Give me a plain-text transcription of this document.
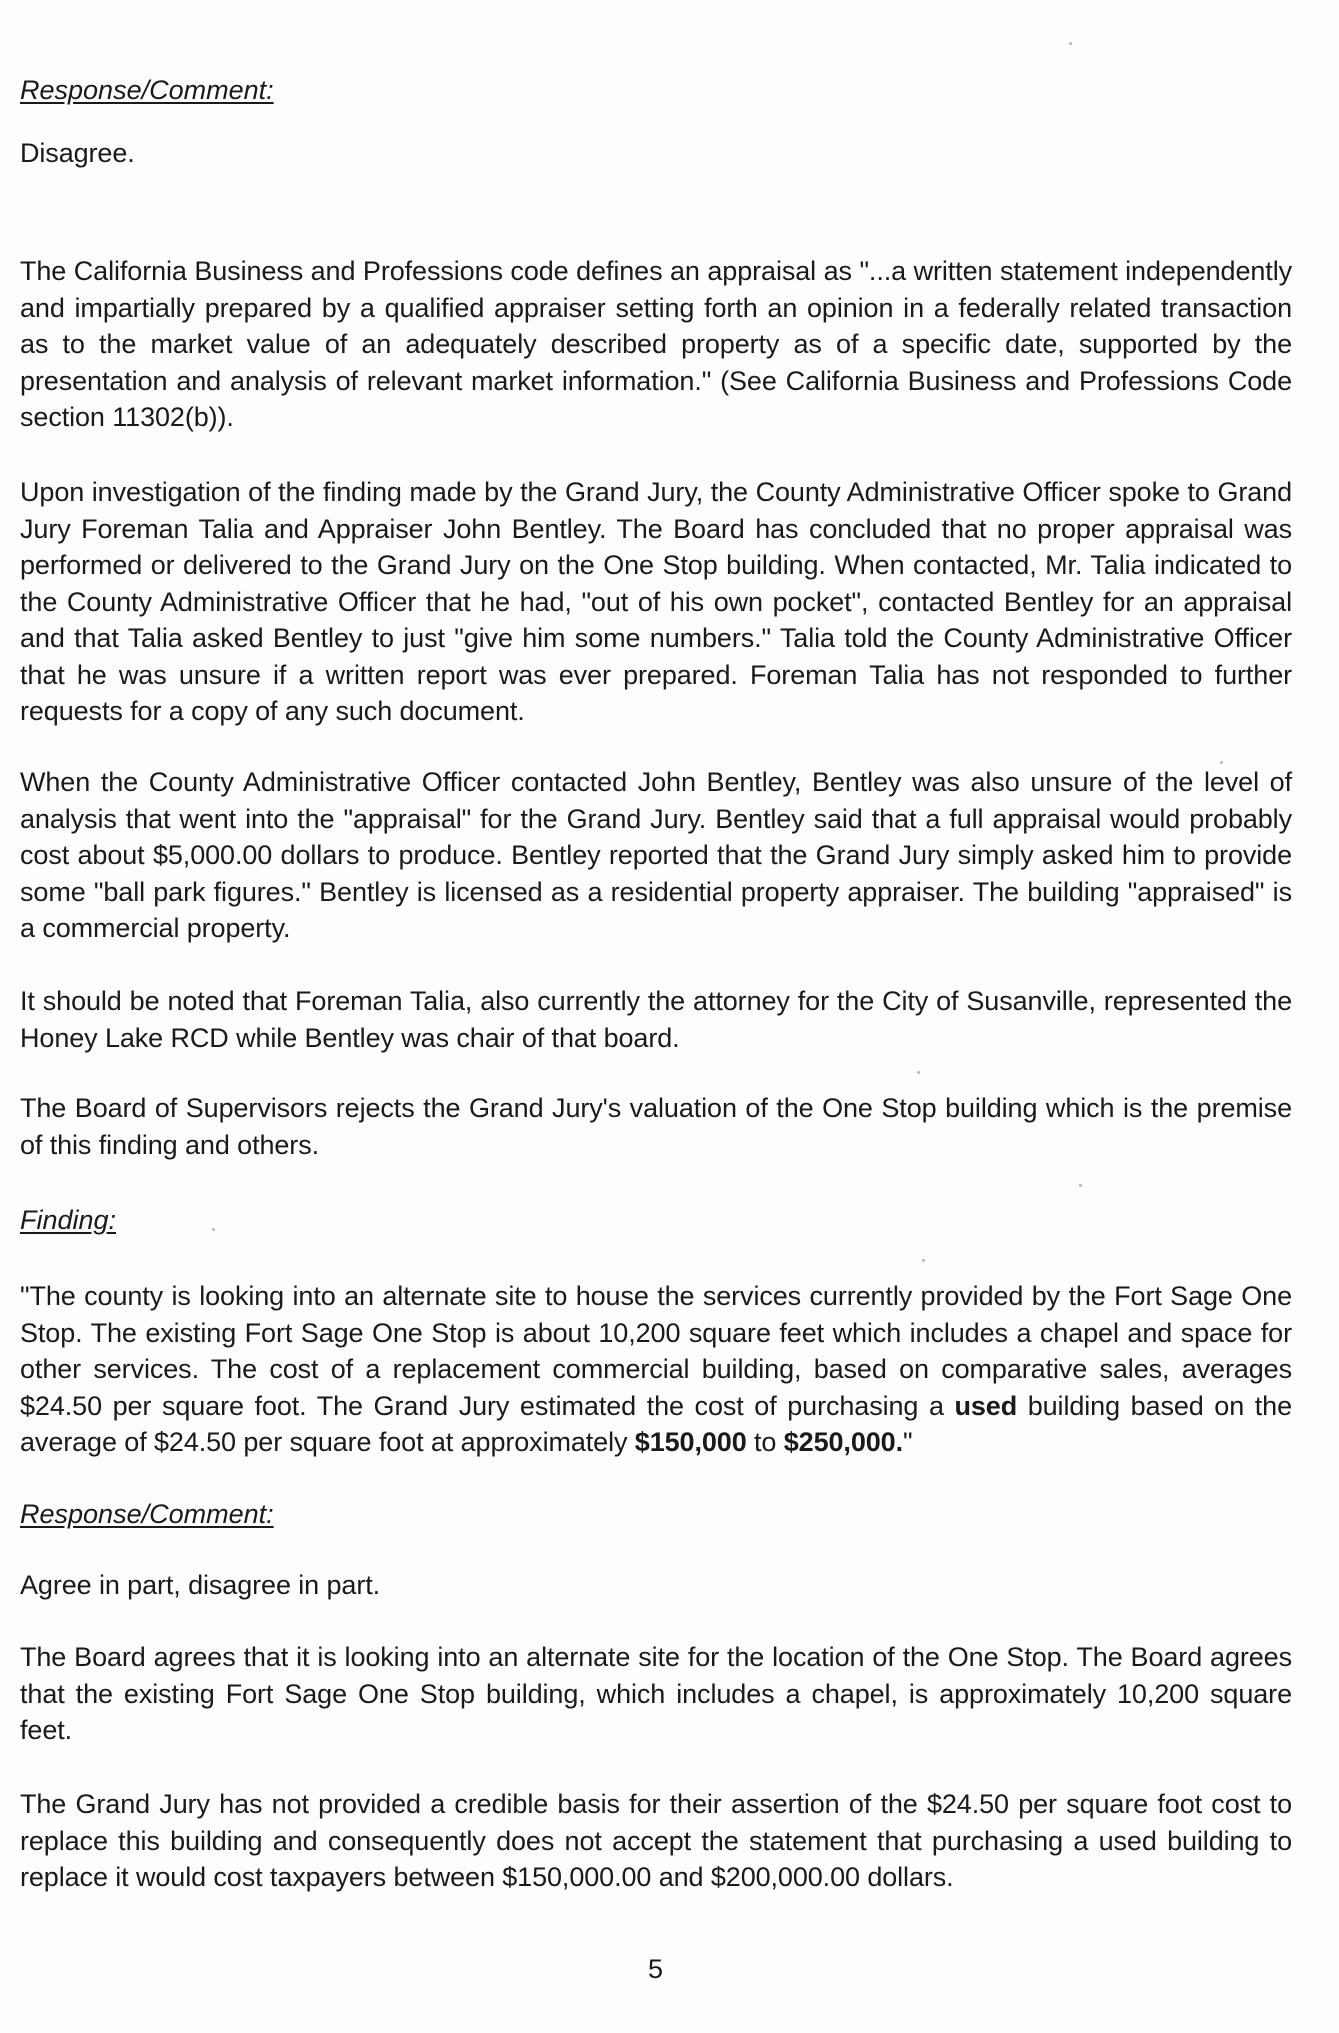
Response/Comment:

Disagree.

The California Business and Professions code defines an appraisal as "...a written statement independently and impartially prepared by a qualified appraiser setting forth an opinion in a federally related transaction as to the market value of an adequately described property as of a specific date, supported by the presentation and analysis of relevant market information." (See California Business and Professions Code section 11302(b)).

Upon investigation of the finding made by the Grand Jury, the County Administrative Officer spoke to Grand Jury Foreman Talia and Appraiser John Bentley. The Board has concluded that no proper appraisal was performed or delivered to the Grand Jury on the One Stop building. When contacted, Mr. Talia indicated to the County Administrative Officer that he had, "out of his own pocket", contacted Bentley for an appraisal and that Talia asked Bentley to just "give him some numbers." Talia told the County Administrative Officer that he was unsure if a written report was ever prepared. Foreman Talia has not responded to further requests for a copy of any such document.

When the County Administrative Officer contacted John Bentley, Bentley was also unsure of the level of analysis that went into the "appraisal" for the Grand Jury. Bentley said that a full appraisal would probably cost about $5,000.00 dollars to produce. Bentley reported that the Grand Jury simply asked him to provide some "ball park figures." Bentley is licensed as a residential property appraiser. The building "appraised" is a commercial property.

It should be noted that Foreman Talia, also currently the attorney for the City of Susanville, represented the Honey Lake RCD while Bentley was chair of that board.

The Board of Supervisors rejects the Grand Jury's valuation of the One Stop building which is the premise of this finding and others.

Finding:

"The county is looking into an alternate site to house the services currently provided by the Fort Sage One Stop. The existing Fort Sage One Stop is about 10,200 square feet which includes a chapel and space for other services. The cost of a replacement commercial building, based on comparative sales, averages $24.50 per square foot. The Grand Jury estimated the cost of purchasing a used building based on the average of $24.50 per square foot at approximately $150,000 to $250,000."

Response/Comment:

Agree in part, disagree in part.

The Board agrees that it is looking into an alternate site for the location of the One Stop. The Board agrees that the existing Fort Sage One Stop building, which includes a chapel, is approximately 10,200 square feet.

The Grand Jury has not provided a credible basis for their assertion of the $24.50 per square foot cost to replace this building and consequently does not accept the statement that purchasing a used building to replace it would cost taxpayers between $150,000.00 and $200,000.00 dollars.

5
